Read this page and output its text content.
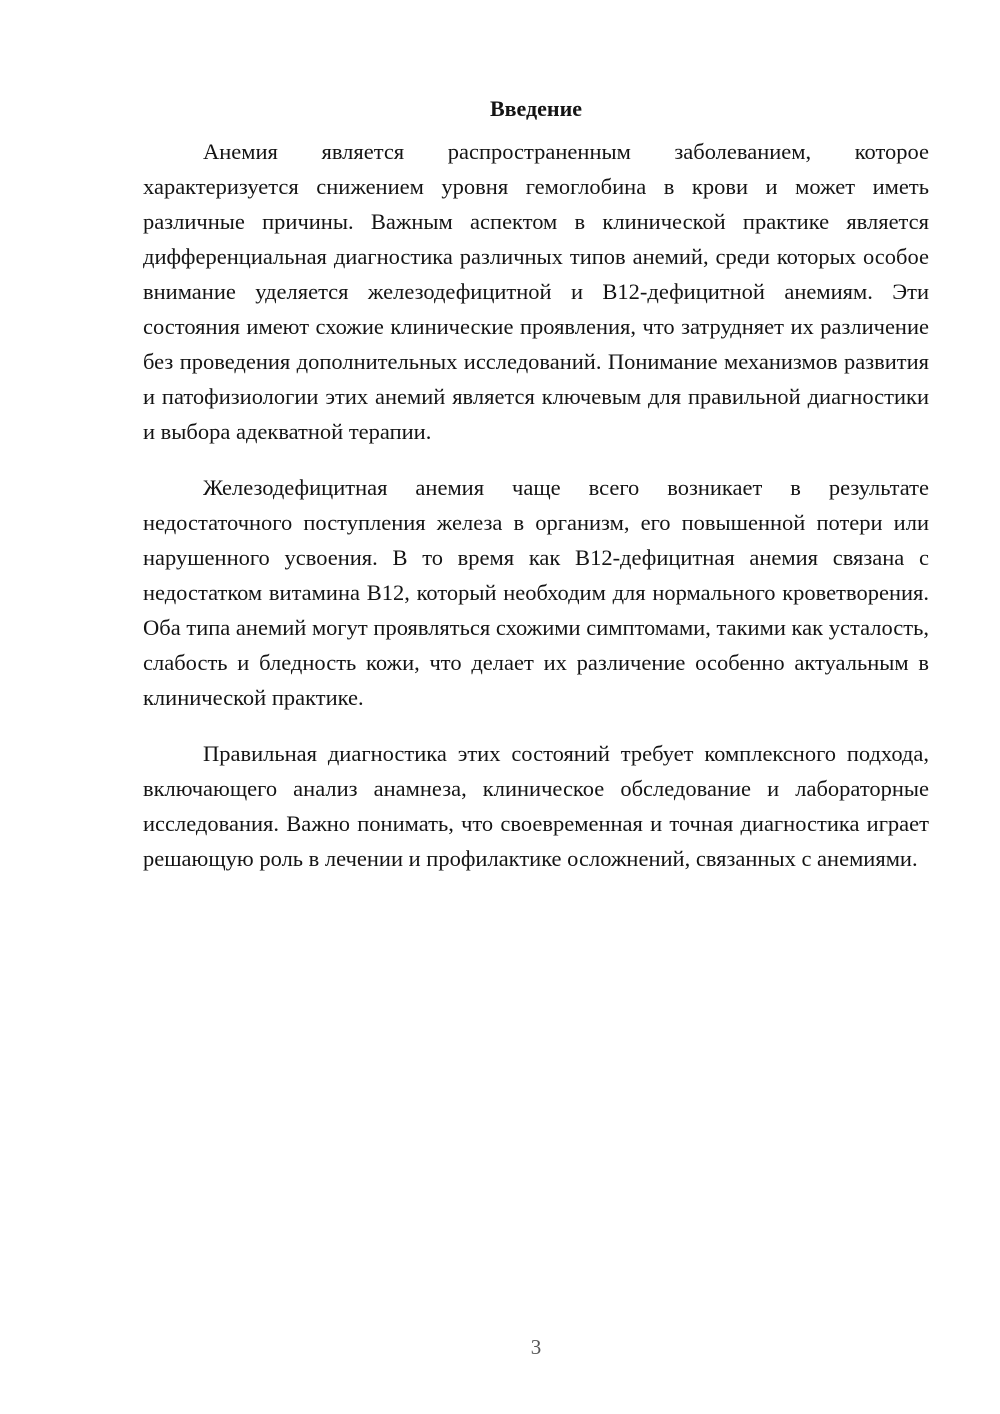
Введение

Анемия является распространенным заболеванием, которое характеризуется снижением уровня гемоглобина в крови и может иметь различные причины. Важным аспектом в клинической практике является дифференциальная диагностика различных типов анемий, среди которых особое внимание уделяется железодефицитной и В12-дефицитной анемиям. Эти состояния имеют схожие клинические проявления, что затрудняет их различение без проведения дополнительных исследований. Понимание механизмов развития и патофизиологии этих анемий является ключевым для правильной диагностики и выбора адекватной терапии.

Железодефицитная анемия чаще всего возникает в результате недостаточного поступления железа в организм, его повышенной потери или нарушенного усвоения. В то время как В12-дефицитная анемия связана с недостатком витамина В12, который необходим для нормального кроветворения. Оба типа анемий могут проявляться схожими симптомами, такими как усталость, слабость и бледность кожи, что делает их различение особенно актуальным в клинической практике.

Правильная диагностика этих состояний требует комплексного подхода, включающего анализ анамнеза, клиническое обследование и лабораторные исследования. Важно понимать, что своевременная и точная диагностика играет решающую роль в лечении и профилактике осложнений, связанных с анемиями.

3
